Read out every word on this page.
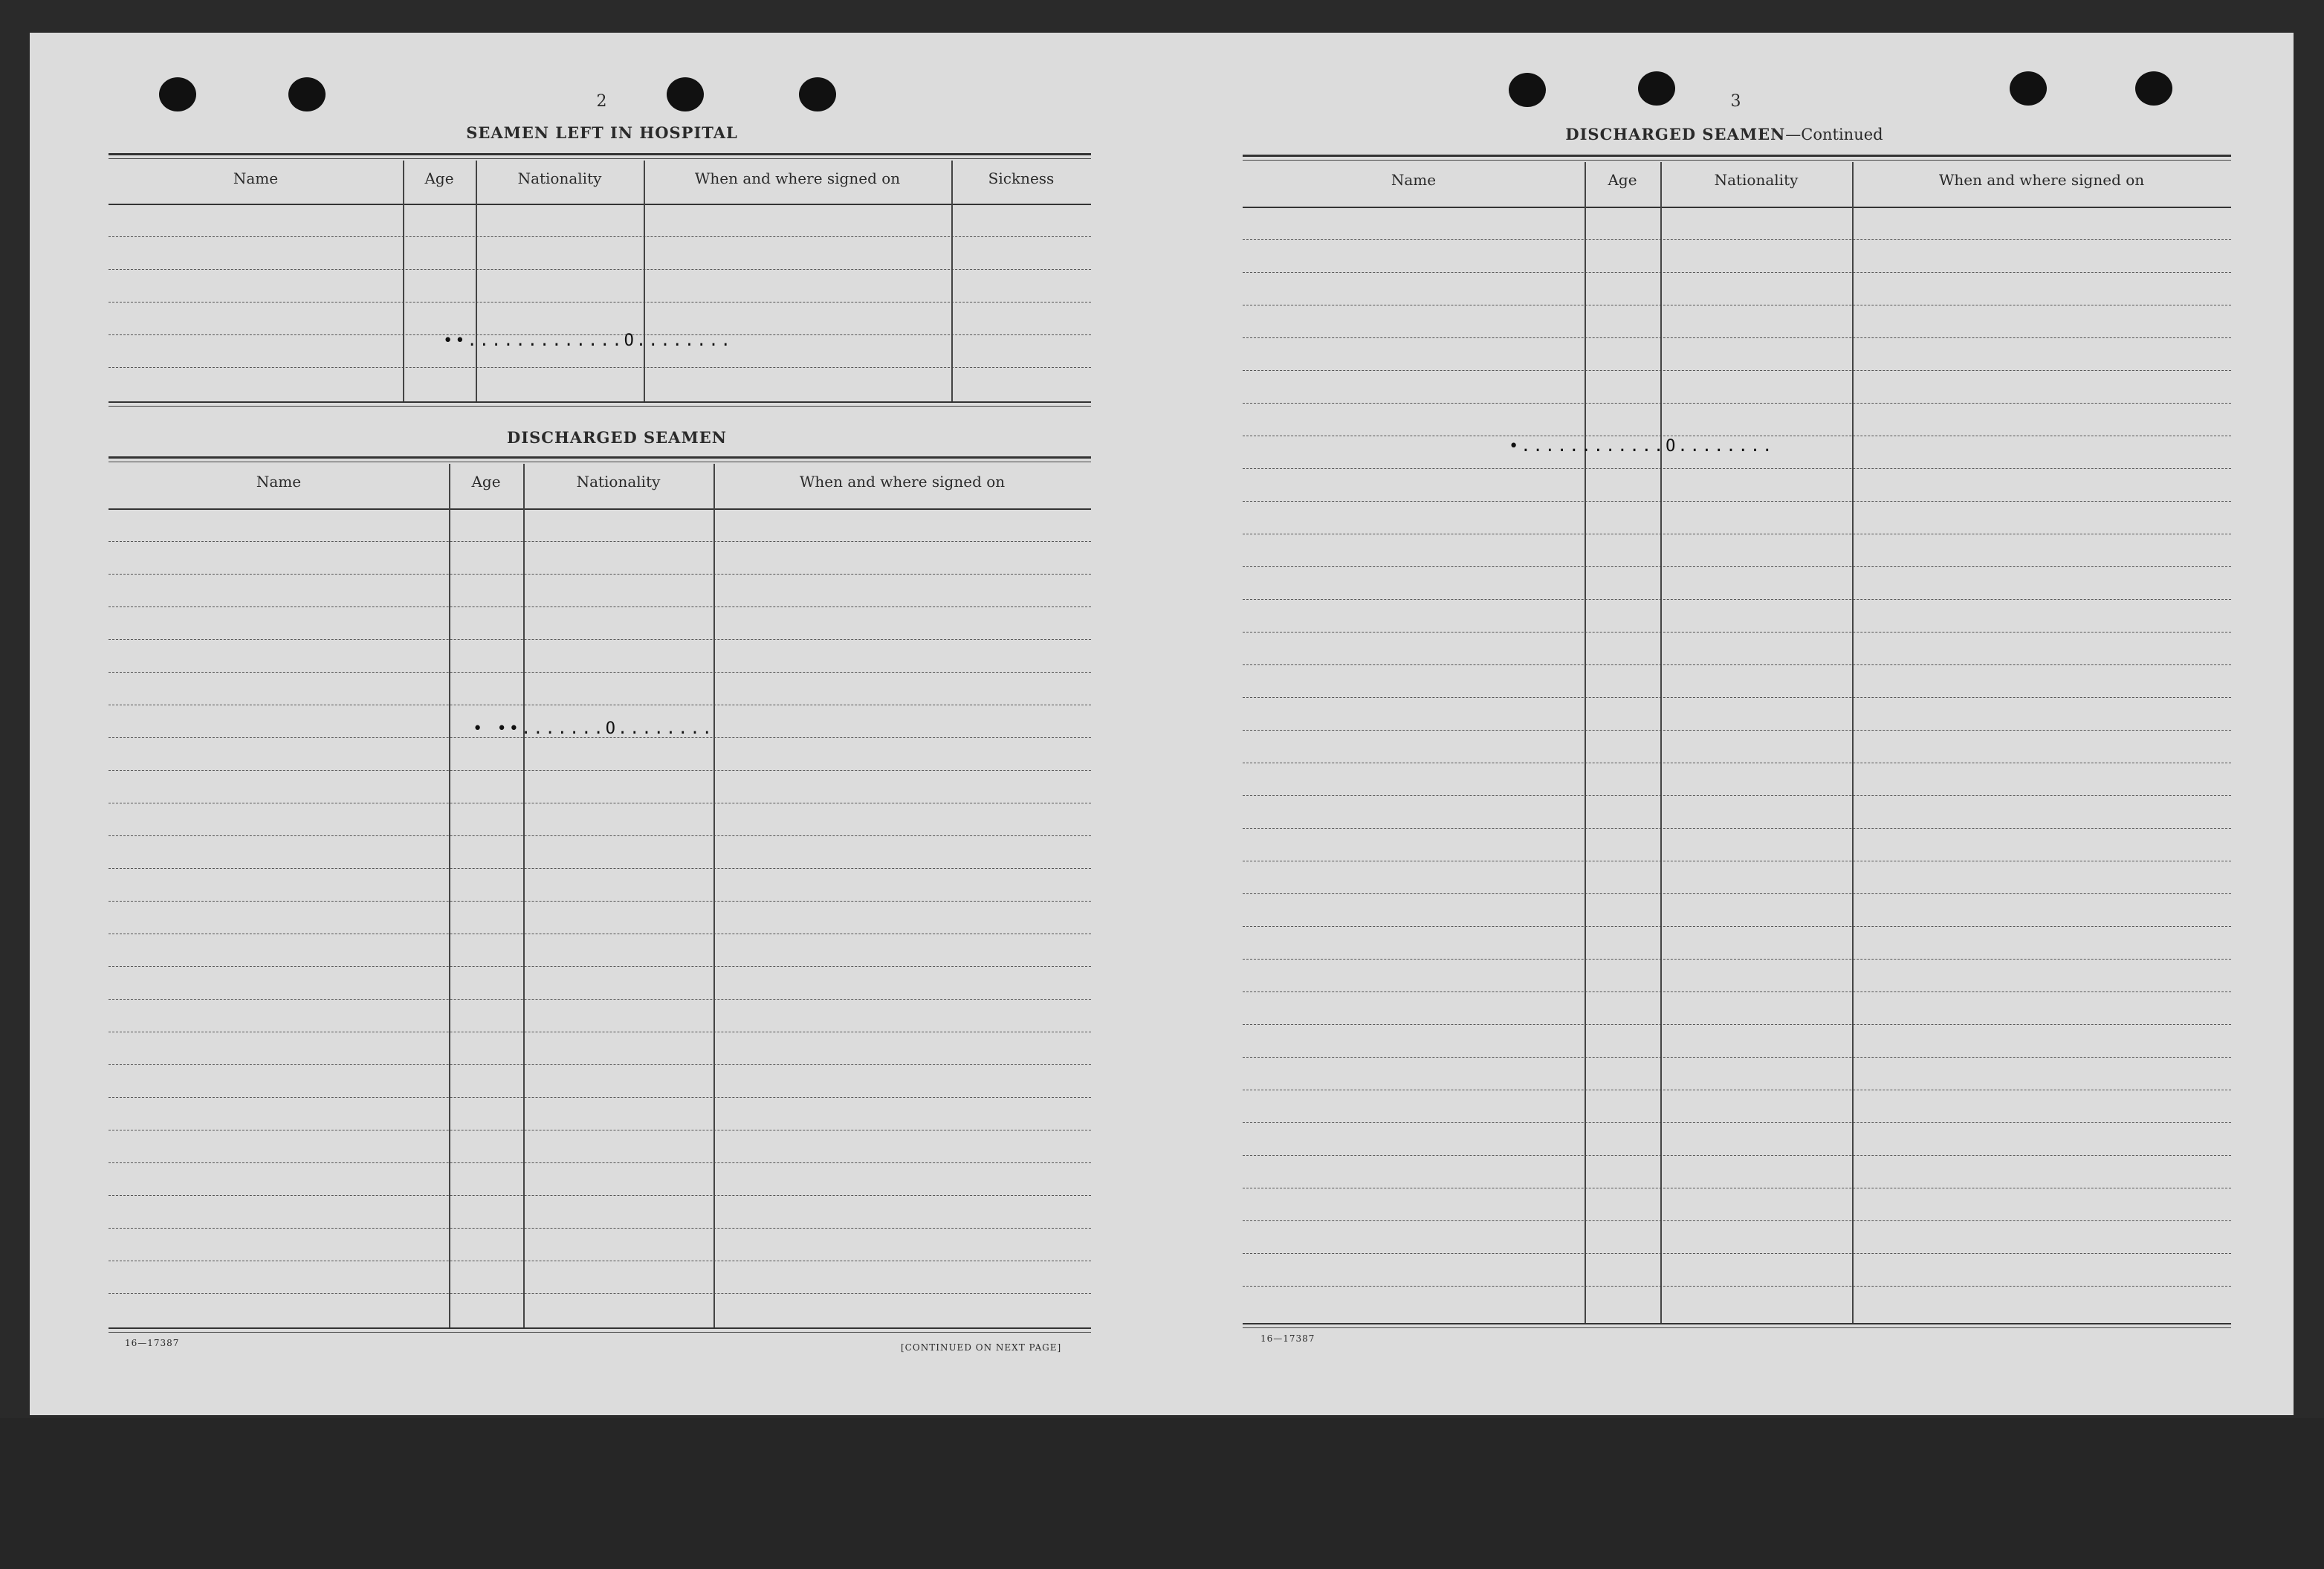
2
SEAMEN LEFT IN HOSPITAL
Name	Age	Nationality	When and where signed on	Sickness
••.............O........
DISCHARGED SEAMEN
Name	Age	Nationality	When and where signed on
• ••.......O........
16—17387	[CONTINUED ON NEXT PAGE]
3
DISCHARGED SEAMEN—Continued
Name	Age	Nationality	When and where signed on
•............O........
16—17387
